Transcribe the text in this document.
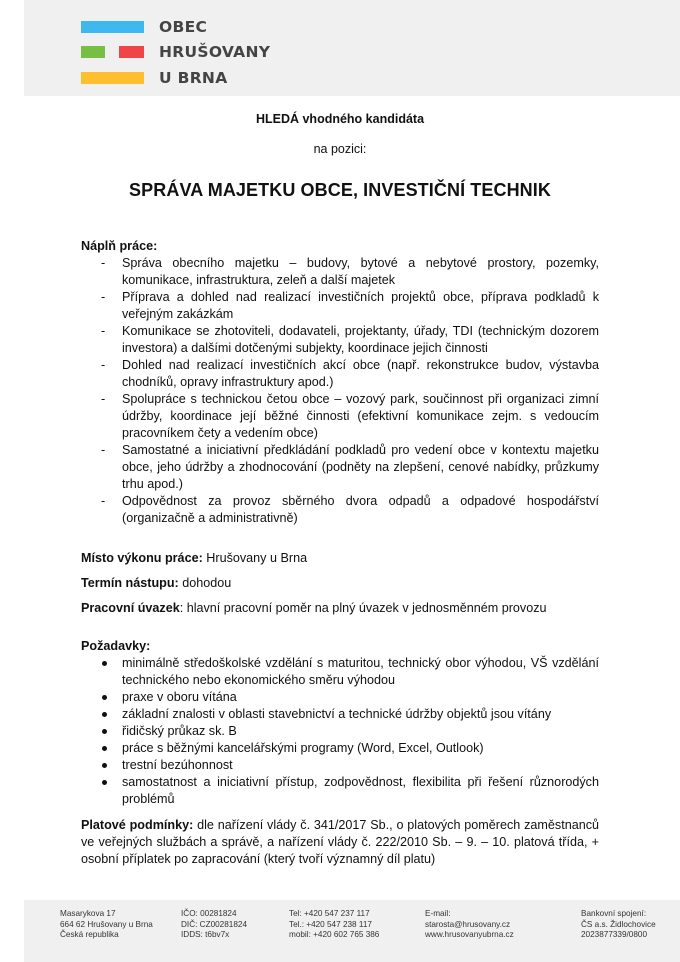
OBEC
HRUŠOVANY
U BRNA
HLEDÁ vhodného kandidáta
na pozici:
SPRÁVA MAJETKU OBCE, INVESTIČNÍ TECHNIK
Náplň práce:
- Správa obecního majetku – budovy, bytové a nebytové prostory, pozemky, komunikace, infrastruktura, zeleň a další majetek
- Příprava a dohled nad realizací investičních projektů obce, příprava podkladů k veřejným zakázkám
- Komunikace se zhotoviteli, dodavateli, projektanty, úřady, TDI (technickým dozorem investora) a dalšími dotčenými subjekty, koordinace jejich činnosti
- Dohled nad realizací investičních akcí obce (např. rekonstrukce budov, výstavba chodníků, opravy infrastruktury apod.)
- Spolupráce s technickou četou obce – vozový park, součinnost při organizaci zimní údržby, koordinace její běžné činnosti (efektivní komunikace zejm. s vedoucím pracovníkem čety a vedením obce)
- Samostatné a iniciativní předkládání podkladů pro vedení obce v kontextu majetku obce, jeho údržby a zhodnocování (podněty na zlepšení, cenové nabídky, průzkumy trhu apod.)
- Odpovědnost za provoz sběrného dvora odpadů a odpadové hospodářství (organizačně a administrativně)
Místo výkonu práce: Hrušovany u Brna
Termín nástupu: dohodou
Pracovní úvazek: hlavní pracovní poměr na plný úvazek v jednosměnném provozu
Požadavky:
minimálně středoškolské vzdělání s maturitou, technický obor výhodou, VŠ vzdělání technického nebo ekonomického směru výhodou
praxe v oboru vítána
základní znalosti v oblasti stavebnictví a technické údržby objektů jsou vítány
řidičský průkaz sk. B
práce s běžnými kancelářskými programy (Word, Excel, Outlook)
trestní bezúhonnost
samostatnost a iniciativní přístup, zodpovědnost, flexibilita při řešení různorodých problémů
Platové podmínky: dle nařízení vlády č. 341/2017 Sb., o platových poměrech zaměstnanců ve veřejných službách a správě, a nařízení vlády č. 222/2010 Sb. – 9. – 10. platová třída, + osobní příplatek po zapracování (který tvoří významný díl platu)
Masarykova 17
664 62 Hrušovany u Brna
Česká republika
IČO: 00281824
DIČ: CZ00281824
IDDS: t6bv7x
Tel: +420 547 237 117
Tel.: +420 547 238 117
mobil: +420 602 765 386
E-mail:
starosta@hrusovany.cz
www.hrusovanyubrna.cz
Bankovní spojení:
ČS a.s. Židlochovice
2023877339/0800
